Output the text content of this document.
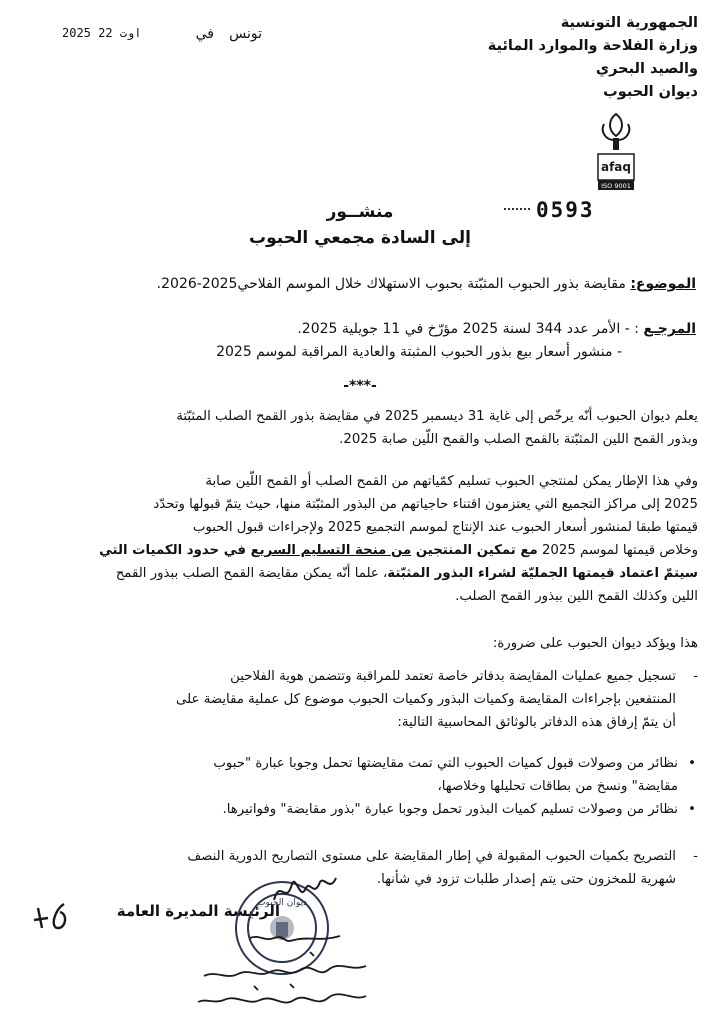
الجمهورية التونسية
وزارة الفلاحة والموارد المائية
والصيد البحري
ديوان الحبوب
تونس
في
2025 اوت 22
afaq
ISO 9001
0593
منشــور
إلى السادة مجمعي الحبوب
الموضوع: مقايضة بذور الحبوب المثبّتة بحبوب الاستهلاك خلال الموسم الفلاحي2025-2026.
المرجـع : - الأمر عدد 344 لسنة 2025 مؤرّخ في 11 جويلية 2025.
- منشور أسعار بيع بذور الحبوب المثبتة والعادية المراقبة لموسم 2025
-***-
يعلم ديوان الحبوب أنّه يرخّص إلى غاية 31 ديسمبر 2025 في مقايضة بذور القمح الصلب المثبّتة
وبذور القمح اللين المثبّتة بالقمح الصلب والقمح اللّين صابة 2025.
وفي هذا الإطار يمكن لمنتجي الحبوب تسليم كمّياتهم من القمح الصلب أو القمح اللّين صابة
2025 إلى مراكز التجميع التي يعتزمون اقتناء حاجياتهم من البذور المثبّتة منها، حيث يتمّ قبولها وتحدّد
قيمتها طبقا لمنشور أسعار الحبوب عند الإنتاج لموسم التجميع 2025 ولإجراءات قبول الحبوب
وخلاص قيمتها لموسم 2025 مع تمكين المنتجين من منحة التسليم السريع في حدود الكميات التي
سيتمّ اعتماد قيمتها الجمليّة لشراء البذور المثبّتة، علما أنّه يمكن مقايضة القمح الصلب ببذور القمح
اللين وكذلك القمح اللين ببذور القمح الصلب.
هذا ويؤكد ديوان الحبوب على ضرورة:
-
تسجيل جميع عمليات المقايضة بدفاتر خاصة تعتمد للمراقبة وتتضمن هوية الفلاحين
المنتفعين بإجراءات المقايضة وكميات البذور وكميات الحبوب موضوع كل عملية مقايضة على
أن يتمّ إرفاق هذه الدفاتر بالوثائق المحاسبية التالية:
•
نظائر من وصولات قبول كميات الحبوب التي تمت مقايضتها تحمل وجوبا عبارة "حبوب
مقايضة" ونسخ من بطاقات تحليلها وخلاصها،
•
نظائر من وصولات تسليم كميات البذور تحمل وجوبا عبارة "بذور مقايضة" وفواتيرها.
-
التصريح بكميات الحبوب المقبولة في إطار المقايضة على مستوى التصاريح الدورية النصف
شهرية للمخزون حتى يتم إصدار طلبات تزود في شأنها.
الرئيسة المديرة العامة
ديوان الحبوب
